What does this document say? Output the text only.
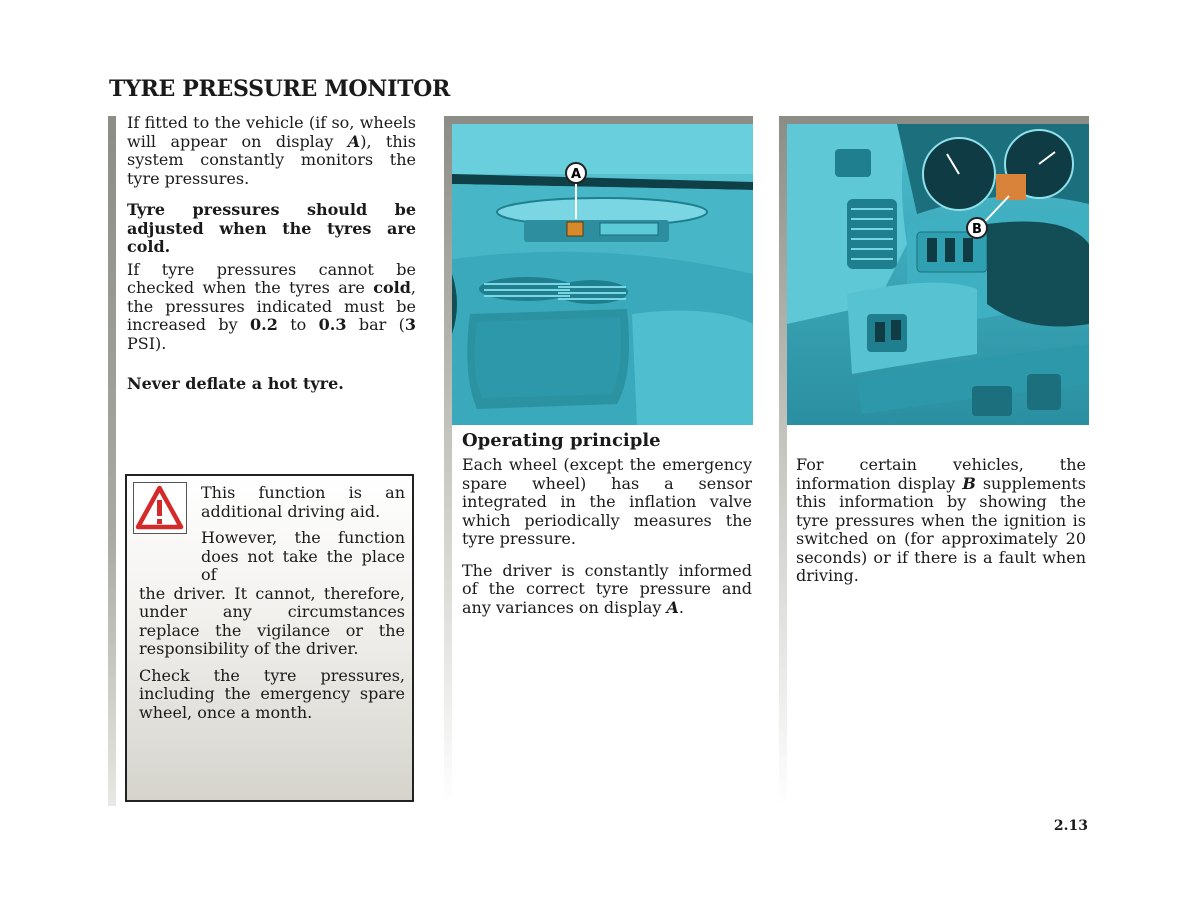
TYRE PRESSURE MONITOR

If fitted to the vehicle (if so, wheels will appear on display A), this system constantly monitors the tyre pressures.

Tyre pressures should be adjusted when the tyres are cold.

If tyre pressures cannot be checked when the tyres are cold, the pressures indicated must be increased by 0.2 to 0.3 bar (3 PSI).

Never deflate a hot tyre.

This function is an additional driving aid.

However, the function does not take the place of

the driver. It cannot, therefore, under any circumstances replace the vigilance or the responsibility of the driver.

Check the tyre pressures, including the emergency spare wheel, once a month.

A
Operating principle

Each wheel (except the emergency spare wheel) has a sensor integrated in the inflation valve which periodically measures the tyre pressure.

The driver is constantly informed of the correct tyre pressure and any variances on display A.

B

For certain vehicles, the information display B supplements this information by showing the tyre pressures when the ignition is switched on (for approximately 20 seconds) or if there is a fault when driving.

2.13
